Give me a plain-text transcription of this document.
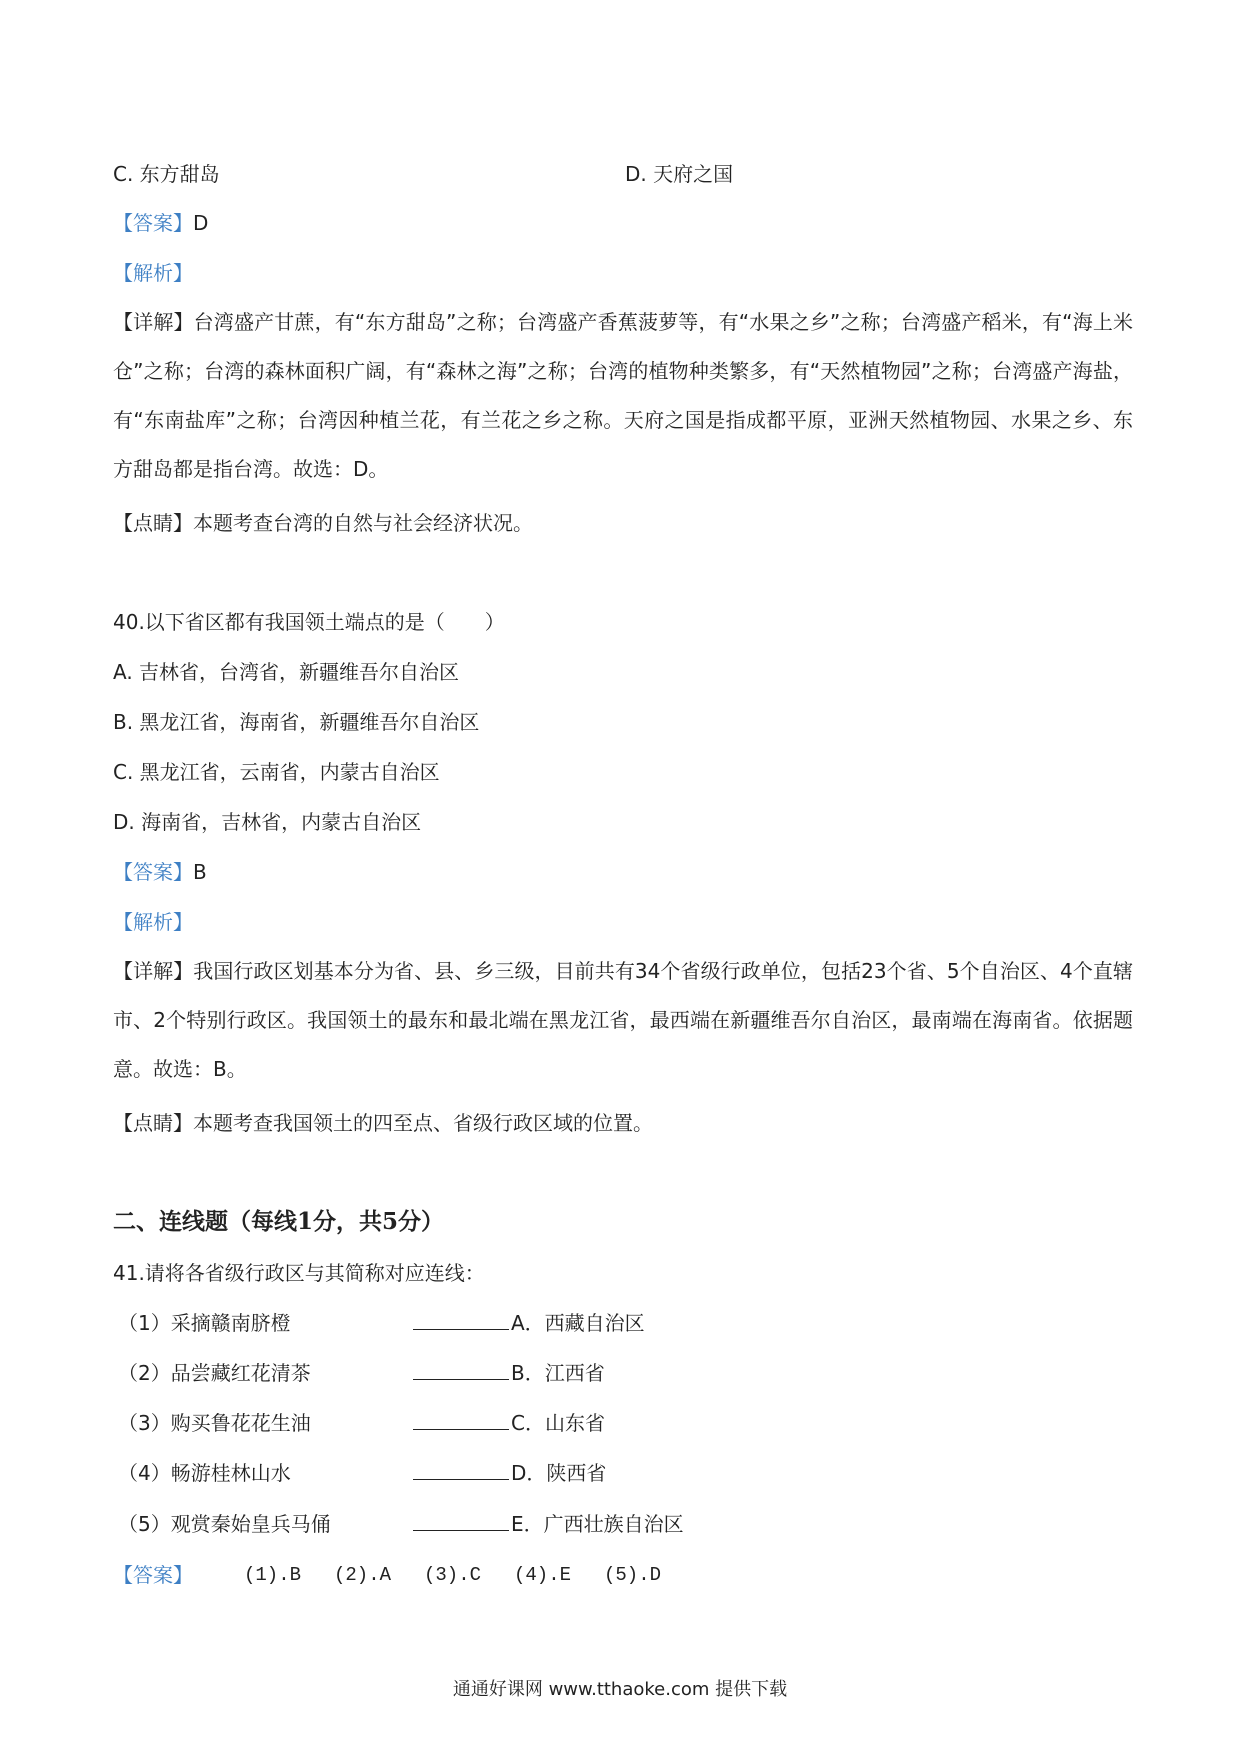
C. 东方甜岛	D. 天府之国
【答案】D
【解析】
【详解】台湾盛产甘蔗，有“东方甜岛”之称；台湾盛产香蕉菠萝等，有“水果之乡”之称；台湾盛产稻米，有“海上米仓”之称；台湾的森林面积广阔，有“森林之海”之称；台湾的植物种类繁多，有“天然植物园”之称；台湾盛产海盐，有“东南盐库”之称；台湾因种植兰花，有兰花之乡之称。天府之国是指成都平原，亚洲天然植物园、水果之乡、东方甜岛都是指台湾。故选：D。
【点睛】本题考查台湾的自然与社会经济状况。
40.以下省区都有我国领土端点的是（　　）
A. 吉林省，台湾省，新疆维吾尔自治区
B. 黑龙江省，海南省，新疆维吾尔自治区
C. 黑龙江省，云南省，内蒙古自治区
D. 海南省，吉林省，内蒙古自治区
【答案】B
【解析】
【详解】我国行政区划基本分为省、县、乡三级，目前共有34个省级行政单位，包括23个省、5个自治区、4个直辖市、2个特别行政区。我国领土的最东和最北端在黑龙江省，最西端在新疆维吾尔自治区，最南端在海南省。依据题意。故选：B。
【点睛】本题考查我国领土的四至点、省级行政区域的位置。
二、连线题（每线1分，共5分）
41.请将各省级行政区与其简称对应连线：
（1）采摘赣南脐橙	A．西藏自治区
（2）品尝藏红花清茶	B．江西省
（3）购买鲁花花生油	C．山东省
（4）畅游桂林山水	D．陕西省
（5）观赏秦始皇兵马俑	E．广西壮族自治区
【答案】	(1).B (2).A (3).C (4).E (5).D
通通好课网 www.tthaoke.com 提供下载
